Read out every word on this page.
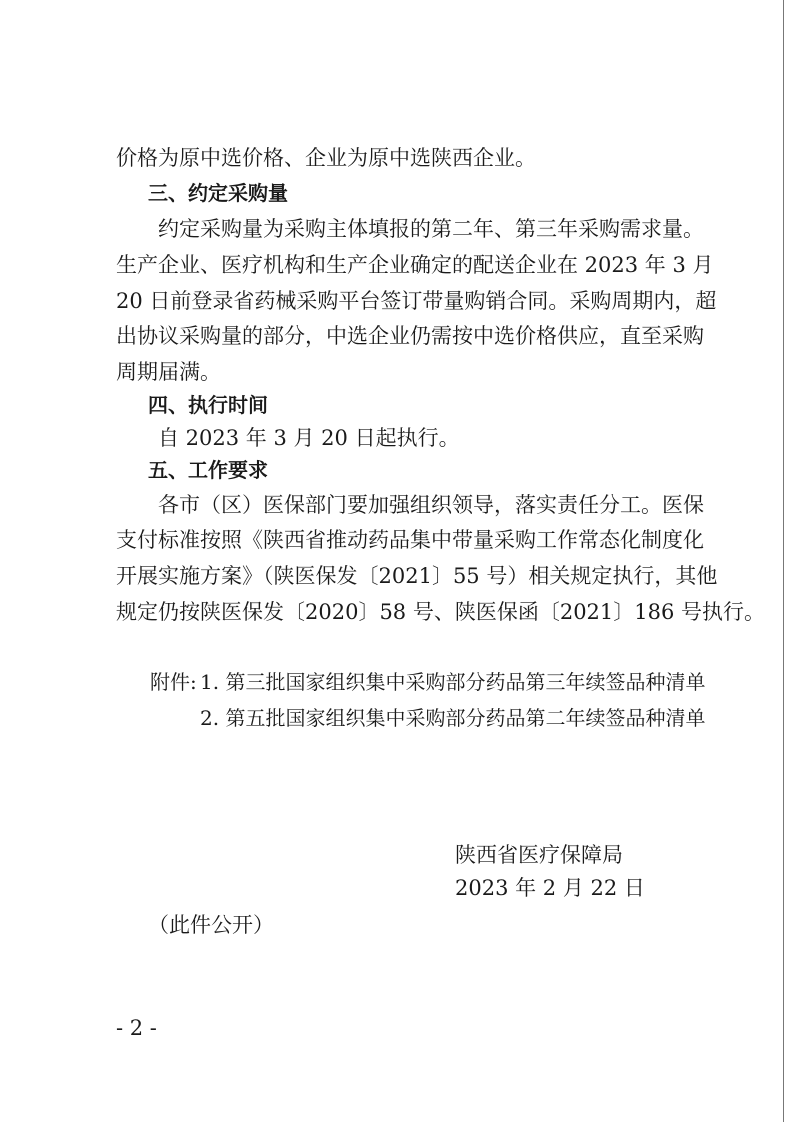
价格为原中选价格、企业为原中选陕西企业。
三、约定采购量
约定采购量为采购主体填报的第二年、第三年采购需求量。
生产企业、医疗机构和生产企业确定的配送企业在 2023 年 3 月
20 日前登录省药械采购平台签订带量购销合同。采购周期内，超
出协议采购量的部分，中选企业仍需按中选价格供应，直至采购
周期届满。
四、执行时间
自 2023 年 3 月 20 日起执行。
五、工作要求
各市（区）医保部门要加强组织领导，落实责任分工。医保
支付标准按照《陕西省推动药品集中带量采购工作常态化制度化
开展实施方案》（陕医保发〔2021〕55 号）相关规定执行，其他
规定仍按陕医保发〔2020〕58 号、陕医保函〔2021〕186 号执行。
附件: 1. 第三批国家组织集中采购部分药品第三年续签品种清单
2. 第五批国家组织集中采购部分药品第二年续签品种清单
陕西省医疗保障局
2023 年 2 月 22 日
（此件公开）
- 2 -
